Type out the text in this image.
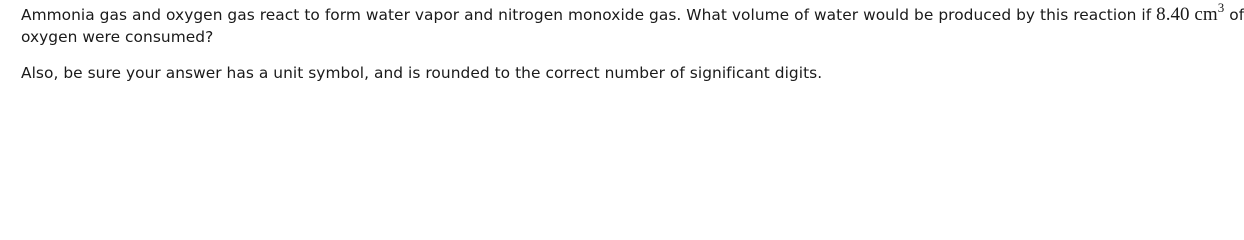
Ammonia gas and oxygen gas react to form water vapor and nitrogen monoxide gas. What volume of water would be produced by this reaction if 8.40 $cm^3$ of
oxygen were consumed?
Also, be sure your answer has a unit symbol, and is rounded to the correct number of significant digits.
